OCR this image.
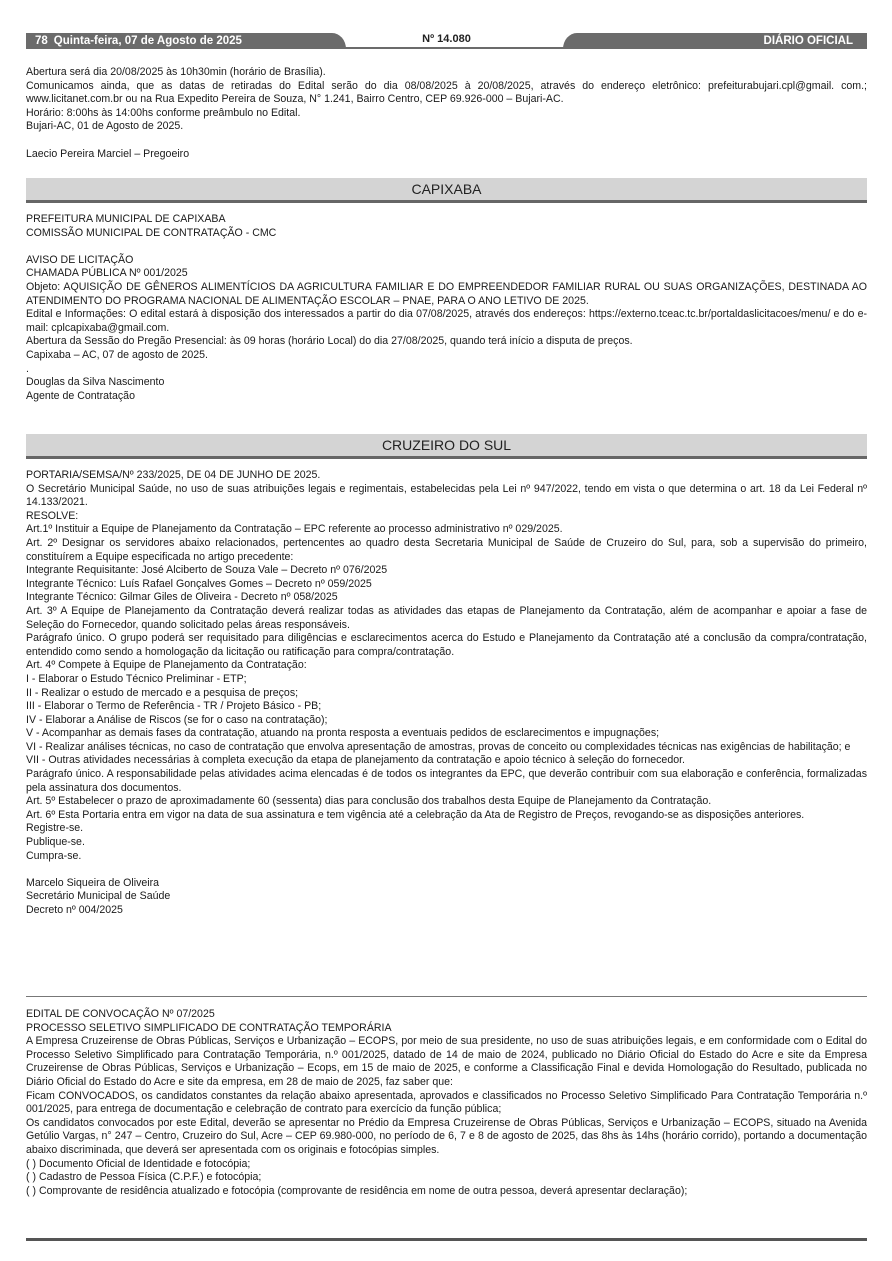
78 Quinta-feira, 07 de Agosto de 2025	Nº 14.080	DIÁRIO OFICIAL

Abertura será dia 20/08/2025 às 10h30min (horário de Brasília).

Comunicamos ainda, que as datas de retiradas do Edital serão do dia 08/08/2025 à 20/08/2025, através do endereço eletrônico: prefeiturabujari.cpl@gmail. com.; www.licitanet.com.br ou na Rua Expedito Pereira de Souza, N° 1.241, Bairro Centro, CEP 69.926-000 – Bujari-AC.

Horário: 8:00hs às 14:00hs conforme preâmbulo no Edital.

Bujari-AC, 01 de Agosto de 2025.

Laecio Pereira Marciel – Pregoeiro

CAPIXABA

PREFEITURA MUNICIPAL DE CAPIXABA

COMISSÃO MUNICIPAL DE CONTRATAÇÃO - CMC

AVISO DE LICITAÇÃO

CHAMADA PÚBLICA Nº 001/2025

Objeto: AQUISIÇÃO DE GÊNEROS ALIMENTÍCIOS DA AGRICULTURA FAMILIAR E DO EMPREENDEDOR FAMILIAR RURAL OU SUAS ORGANIZAÇÕES, DESTINADA AO ATENDIMENTO DO PROGRAMA NACIONAL DE ALIMENTAÇÃO ESCOLAR – PNAE, PARA O ANO LETIVO DE 2025.

Edital e Informações: O edital estará à disposição dos interessados a partir do dia 07/08/2025, através dos endereços: https://externo.tceac.tc.br/portaldaslicitacoes/menu/ e do e-mail: cplcapixaba@gmail.com.

Abertura da Sessão do Pregão Presencial: às 09 horas (horário Local) do dia 27/08/2025, quando terá início a disputa de preços.

Capixaba – AC, 07 de agosto de 2025.

.

Douglas da Silva Nascimento

Agente de Contratação

CRUZEIRO DO SUL

PORTARIA/SEMSA/Nº 233/2025, DE 04 DE JUNHO DE 2025.

O Secretário Municipal Saúde, no uso de suas atribuições legais e regimentais, estabelecidas pela Lei nº 947/2022, tendo em vista o que determina o art. 18 da Lei Federal nº 14.133/2021.

RESOLVE:

Art.1º Instituir a Equipe de Planejamento da Contratação – EPC referente ao processo administrativo nº 029/2025.

Art. 2º Designar os servidores abaixo relacionados, pertencentes ao quadro desta Secretaria Municipal de Saúde de Cruzeiro do Sul, para, sob a supervisão do primeiro, constituírem a Equipe especificada no artigo precedente:

Integrante Requisitante: José Alciberto de Souza Vale – Decreto nº 076/2025

Integrante Técnico: Luís Rafael Gonçalves Gomes – Decreto nº 059/2025

Integrante Técnico: Gilmar Giles de Oliveira - Decreto nº 058/2025

Art. 3º A Equipe de Planejamento da Contratação deverá realizar todas as atividades das etapas de Planejamento da Contratação, além de acompanhar e apoiar a fase de Seleção do Fornecedor, quando solicitado pelas áreas responsáveis.

Parágrafo único. O grupo poderá ser requisitado para diligências e esclarecimentos acerca do Estudo e Planejamento da Contratação até a conclusão da compra/contratação, entendido como sendo a homologação da licitação ou ratificação para compra/contratação.

Art. 4º Compete à Equipe de Planejamento da Contratação:

I - Elaborar o Estudo Técnico Preliminar - ETP;

II - Realizar o estudo de mercado e a pesquisa de preços;

III - Elaborar o Termo de Referência - TR / Projeto Básico - PB;

IV - Elaborar a Análise de Riscos (se for o caso na contratação);

V - Acompanhar as demais fases da contratação, atuando na pronta resposta a eventuais pedidos de esclarecimentos e impugnações;

VI - Realizar análises técnicas, no caso de contratação que envolva apresentação de amostras, provas de conceito ou complexidades técnicas nas exigências de habilitação; e

VII - Outras atividades necessárias à completa execução da etapa de planejamento da contratação e apoio técnico à seleção do fornecedor.

Parágrafo único. A responsabilidade pelas atividades acima elencadas é de todos os integrantes da EPC, que deverão contribuir com sua elaboração e conferência, formalizadas pela assinatura dos documentos.

Art. 5º Estabelecer o prazo de aproximadamente 60 (sessenta) dias para conclusão dos trabalhos desta Equipe de Planejamento da Contratação.

Art. 6º Esta Portaria entra em vigor na data de sua assinatura e tem vigência até a celebração da Ata de Registro de Preços, revogando-se as disposições anteriores.

Registre-se.

Publique-se.

Cumpra-se.

Marcelo Siqueira de Oliveira

Secretário Municipal de Saúde

Decreto nº 004/2025

EDITAL DE CONVOCAÇÃO Nº 07/2025

PROCESSO SELETIVO SIMPLIFICADO DE CONTRATAÇÃO TEMPORÁRIA

A Empresa Cruzeirense de Obras Públicas, Serviços e Urbanização – ECOPS, por meio de sua presidente, no uso de suas atribuições legais, e em conformidade com o Edital do Processo Seletivo Simplificado para Contratação Temporária, n.º 001/2025, datado de 14 de maio de 2024, publicado no Diário Oficial do Estado do Acre e site da Empresa Cruzeirense de Obras Públicas, Serviços e Urbanização – Ecops, em 15 de maio de 2025, e conforme a Classificação Final e devida Homologação do Resultado, publicada no Diário Oficial do Estado do Acre e site da empresa, em 28 de maio de 2025, faz saber que:

Ficam CONVOCADOS, os candidatos constantes da relação abaixo apresentada, aprovados e classificados no Processo Seletivo Simplificado Para Contratação Temporária n.º 001/2025, para entrega de documentação e celebração de contrato para exercício da função pública;

Os candidatos convocados por este Edital, deverão se apresentar no Prédio da Empresa Cruzeirense de Obras Públicas, Serviços e Urbanização – ECOPS, situado na Avenida Getúlio Vargas, n° 247 – Centro, Cruzeiro do Sul, Acre – CEP 69.980-000, no período de 6, 7 e 8 de agosto de 2025, das 8hs às 14hs (horário corrido), portando a documentação abaixo discriminada, que deverá ser apresentada com os originais e fotocópias simples.

( ) Documento Oficial de Identidade e fotocópia;

( ) Cadastro de Pessoa Física (C.P.F.) e fotocópia;

( ) Comprovante de residência atualizado e fotocópia (comprovante de residência em nome de outra pessoa, deverá apresentar declaração);
